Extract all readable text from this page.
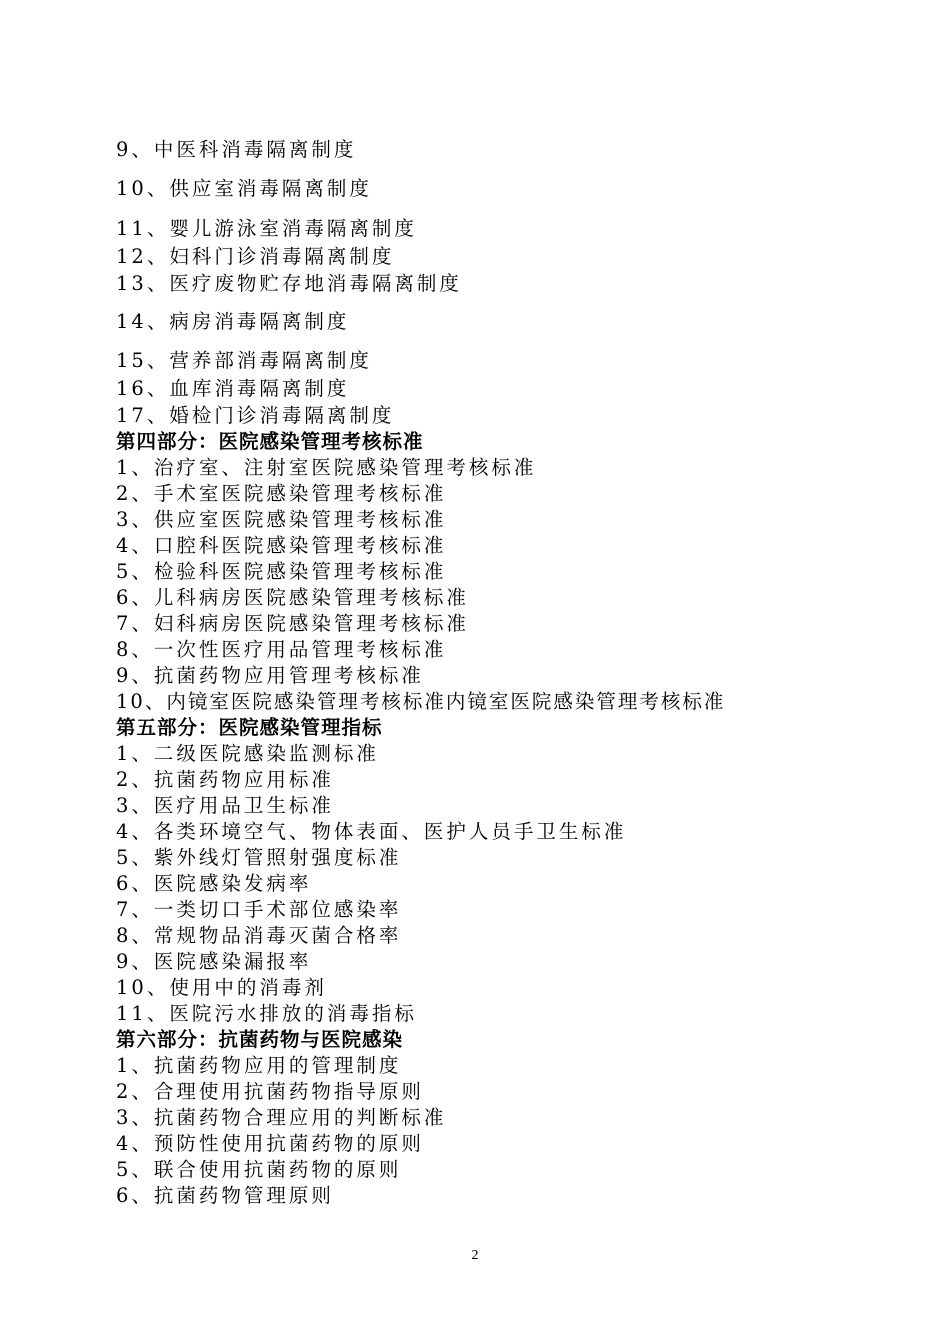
9、中医科消毒隔离制度
10、供应室消毒隔离制度
11、婴儿游泳室消毒隔离制度
12、妇科门诊消毒隔离制度
13、医疗废物贮存地消毒隔离制度
14、病房消毒隔离制度
15、营养部消毒隔离制度
16、血库消毒隔离制度
17、婚检门诊消毒隔离制度
第四部分：医院感染管理考核标准
1、治疗室、注射室医院感染管理考核标准
2、手术室医院感染管理考核标准
3、供应室医院感染管理考核标准
4、口腔科医院感染管理考核标准
5、检验科医院感染管理考核标准
6、儿科病房医院感染管理考核标准
7、妇科病房医院感染管理考核标准
8、一次性医疗用品管理考核标准
9、抗菌药物应用管理考核标准
10、内镜室医院感染管理考核标准内镜室医院感染管理考核标准
第五部分：医院感染管理指标
1、二级医院感染监测标准
2、抗菌药物应用标准
3、医疗用品卫生标准
4、各类环境空气、物体表面、医护人员手卫生标准
5、紫外线灯管照射强度标准
6、医院感染发病率
7、一类切口手术部位感染率
8、常规物品消毒灭菌合格率
9、医院感染漏报率
10、使用中的消毒剂
11、医院污水排放的消毒指标
第六部分：抗菌药物与医院感染
1、抗菌药物应用的管理制度
2、合理使用抗菌药物指导原则
3、抗菌药物合理应用的判断标准
4、预防性使用抗菌药物的原则
5、联合使用抗菌药物的原则
6、抗菌药物管理原则
2
